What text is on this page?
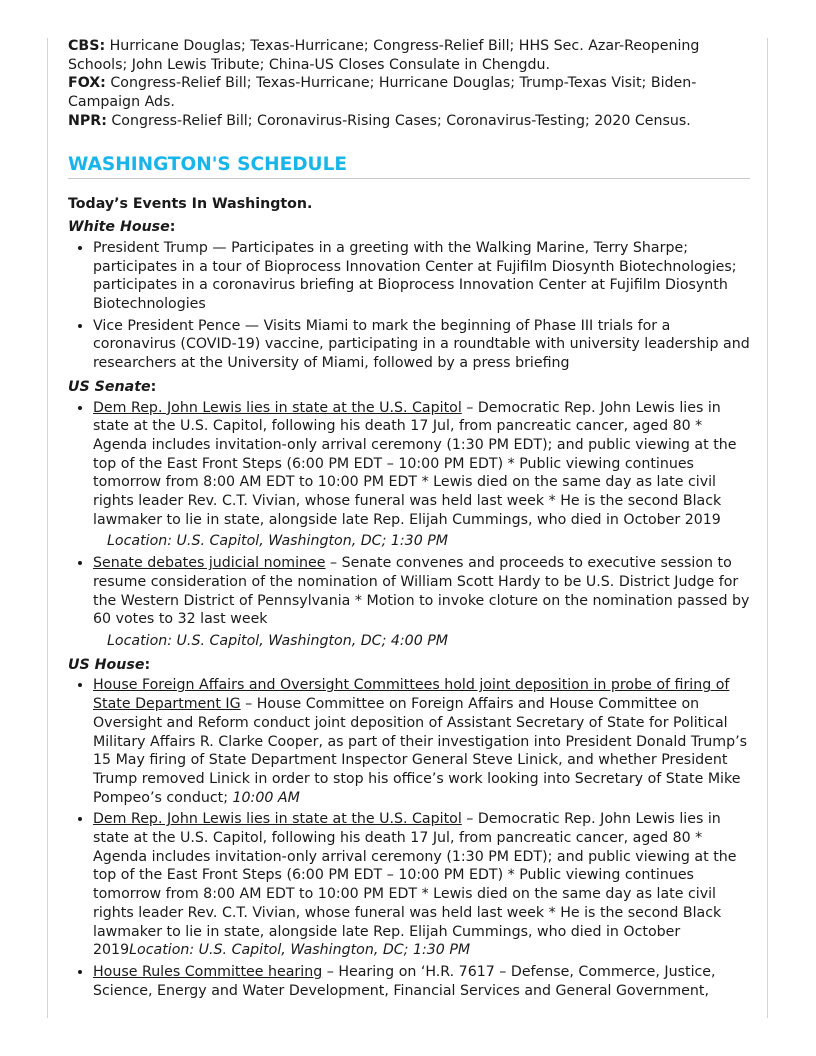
CBS: Hurricane Douglas; Texas-Hurricane; Congress-Relief Bill; HHS Sec. Azar-Reopening Schools; John Lewis Tribute; China-US Closes Consulate in Chengdu.

FOX: Congress-Relief Bill; Texas-Hurricane; Hurricane Douglas; Trump-Texas Visit; Biden-Campaign Ads.

NPR: Congress-Relief Bill; Coronavirus-Rising Cases; Coronavirus-Testing; 2020 Census.

WASHINGTON'S SCHEDULE

Today’s Events In Washington.

White House:

• President Trump — Participates in a greeting with the Walking Marine, Terry Sharpe; participates in a tour of Bioprocess Innovation Center at Fujifilm Diosynth Biotechnologies; participates in a coronavirus briefing at Bioprocess Innovation Center at Fujifilm Diosynth Biotechnologies
• Vice President Pence — Visits Miami to mark the beginning of Phase III trials for a coronavirus (COVID-19) vaccine, participating in a roundtable with university leadership and researchers at the University of Miami, followed by a press briefing

US Senate:

• Dem Rep. John Lewis lies in state at the U.S. Capitol – Democratic Rep. John Lewis lies in state at the U.S. Capitol, following his death 17 Jul, from pancreatic cancer, aged 80 * Agenda includes invitation-only arrival ceremony (1:30 PM EDT); and public viewing at the top of the East Front Steps (6:00 PM EDT – 10:00 PM EDT) * Public viewing continues tomorrow from 8:00 AM EDT to 10:00 PM EDT * Lewis died on the same day as late civil rights leader Rev. C.T. Vivian, whose funeral was held last week * He is the second Black lawmaker to lie in state, alongside late Rep. Elijah Cummings, who died in October 2019
Location: U.S. Capitol, Washington, DC; 1:30 PM
• Senate debates judicial nominee – Senate convenes and proceeds to executive session to resume consideration of the nomination of William Scott Hardy to be U.S. District Judge for the Western District of Pennsylvania * Motion to invoke cloture on the nomination passed by 60 votes to 32 last week
Location: U.S. Capitol, Washington, DC; 4:00 PM

US House:

• House Foreign Affairs and Oversight Committees hold joint deposition in probe of firing of State Department IG – House Committee on Foreign Affairs and House Committee on Oversight and Reform conduct joint deposition of Assistant Secretary of State for Political Military Affairs R. Clarke Cooper, as part of their investigation into President Donald Trump’s 15 May firing of State Department Inspector General Steve Linick, and whether President Trump removed Linick in order to stop his office’s work looking into Secretary of State Mike Pompeo’s conduct; 10:00 AM
• Dem Rep. John Lewis lies in state at the U.S. Capitol – Democratic Rep. John Lewis lies in state at the U.S. Capitol, following his death 17 Jul, from pancreatic cancer, aged 80 * Agenda includes invitation-only arrival ceremony (1:30 PM EDT); and public viewing at the top of the East Front Steps (6:00 PM EDT – 10:00 PM EDT) * Public viewing continues tomorrow from 8:00 AM EDT to 10:00 PM EDT * Lewis died on the same day as late civil rights leader Rev. C.T. Vivian, whose funeral was held last week * He is the second Black lawmaker to lie in state, alongside late Rep. Elijah Cummings, who died in October 2019Location: U.S. Capitol, Washington, DC; 1:30 PM
• House Rules Committee hearing – Hearing on ‘H.R. 7617 – Defense, Commerce, Justice, Science, Energy and Water Development, Financial Services and General Government,
